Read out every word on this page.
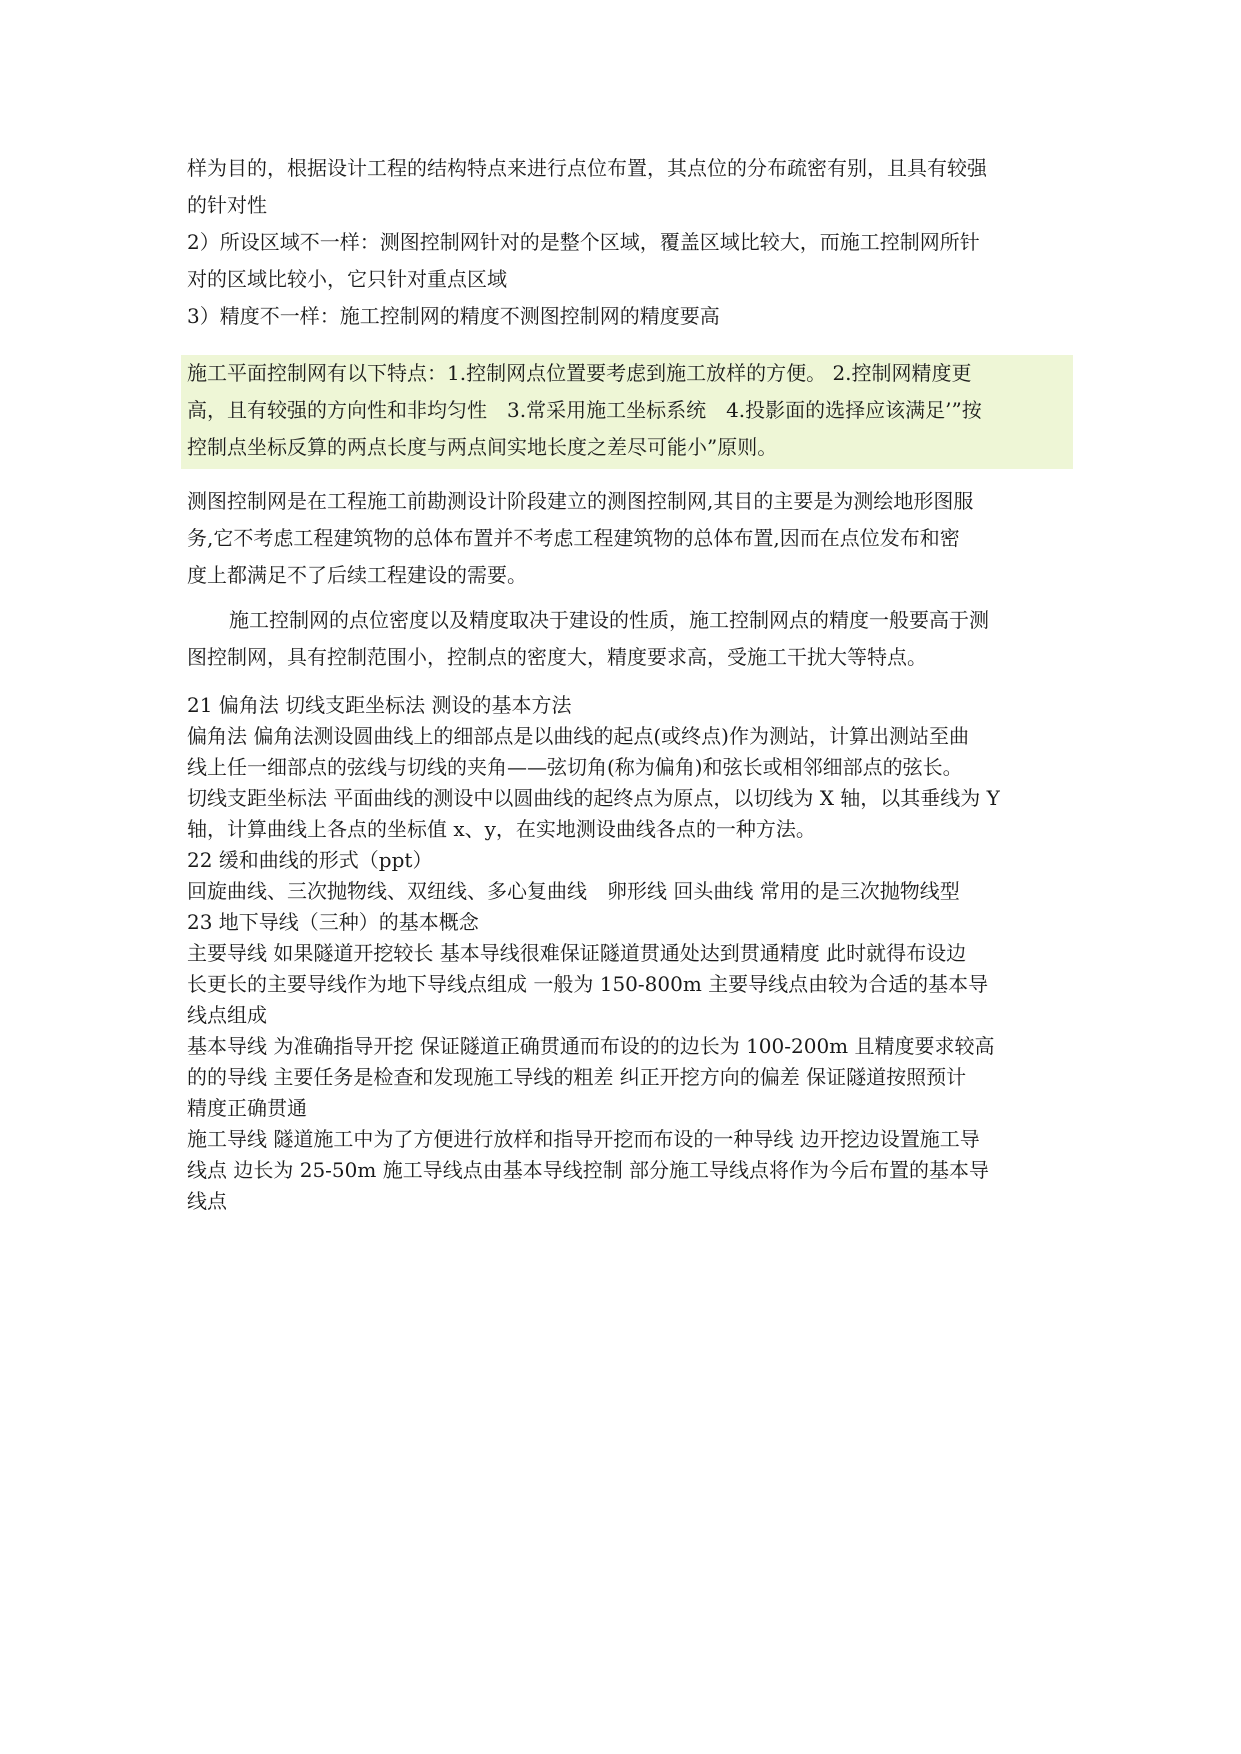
样为目的，根据设计工程的结构特点来进行点位布置，其点位的分布疏密有别，且具有较强
的针对性
2）所设区域不一样：测图控制网针对的是整个区域，覆盖区域比较大，而施工控制网所针
对的区域比较小，它只针对重点区域
3）精度不一样：施工控制网的精度不测图控制网的精度要高
施工平面控制网有以下特点：1.控制网点位置要考虑到施工放样的方便。 2.控制网精度更
高，且有较强的方向性和非均匀性　3.常采用施工坐标系统　4.投影面的选择应该满足’”按
控制点坐标反算的两点长度与两点间实地长度之差尽可能小”原则。
测图控制网是在工程施工前勘测设计阶段建立的测图控制网,其目的主要是为测绘地形图服
务,它不考虑工程建筑物的总体布置并不考虑工程建筑物的总体布置,因而在点位发布和密
度上都满足不了后续工程建设的需要。
施工控制网的点位密度以及精度取决于建设的性质，施工控制网点的精度一般要高于测
图控制网，具有控制范围小，控制点的密度大，精度要求高，受施工干扰大等特点。
21 偏角法 切线支距坐标法 测设的基本方法
偏角法 偏角法测设圆曲线上的细部点是以曲线的起点(或终点)作为测站，计算出测站至曲
线上任一细部点的弦线与切线的夹角——弦切角(称为偏角)和弦长或相邻细部点的弦长。
切线支距坐标法 平面曲线的测设中以圆曲线的起终点为原点，以切线为 X 轴，以其垂线为 Y
轴，计算曲线上各点的坐标值 x、y，在实地测设曲线各点的一种方法。
22 缓和曲线的形式（ppt）
回旋曲线、三次抛物线、双纽线、多心复曲线　卵形线 回头曲线 常用的是三次抛物线型
23 地下导线（三种）的基本概念
主要导线 如果隧道开挖较长 基本导线很难保证隧道贯通处达到贯通精度 此时就得布设边
长更长的主要导线作为地下导线点组成 一般为 150-800m 主要导线点由较为合适的基本导
线点组成
基本导线 为准确指导开挖 保证隧道正确贯通而布设的的边长为 100-200m 且精度要求较高
的的导线 主要任务是检查和发现施工导线的粗差 纠正开挖方向的偏差 保证隧道按照预计
精度正确贯通
施工导线 隧道施工中为了方便进行放样和指导开挖而布设的一种导线 边开挖边设置施工导
线点 边长为 25-50m 施工导线点由基本导线控制 部分施工导线点将作为今后布置的基本导
线点
